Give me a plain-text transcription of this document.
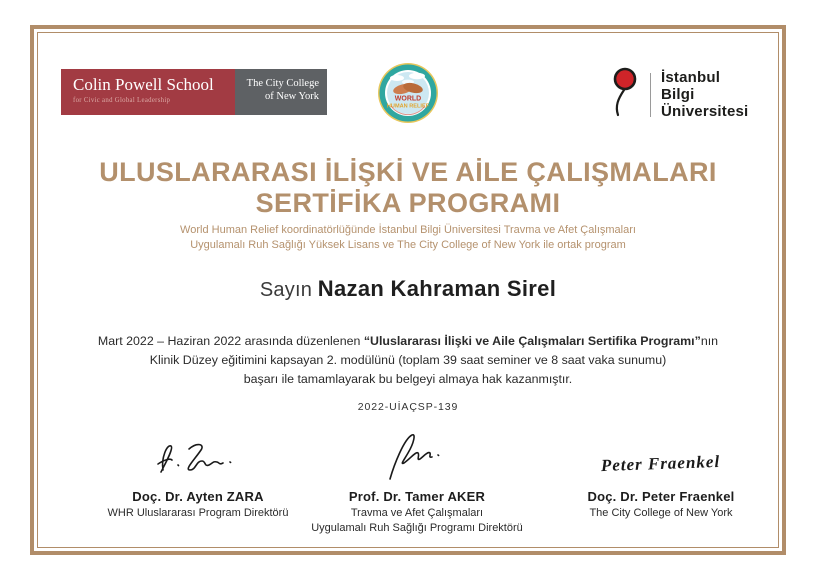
Colin Powell School
for Civic and Global Leadership
The City College
of New York	WORLD
HUMAN RELIEF
İstanbul
Bilgi Üniversitesi
ULUSLARARASI İLİŞKİ VE AİLE ÇALIŞMALARI
SERTİFİKA PROGRAMI
World Human Relief koordinatörlüğünde İstanbul Bilgi Üniversitesi Travma ve Afet Çalışmaları
Uygulamalı Ruh Sağlığı Yüksek Lisans ve The City College of New York ile ortak program
Sayın Nazan Kahraman Sirel
Mart 2022 – Haziran 2022 arasında düzenlenen “Uluslararası İlişki ve Aile Çalışmaları Sertifika Programı”nın
Klinik Düzey eğitimini kapsayan 2. modülünü (toplam 39 saat seminer ve 8 saat vaka sunumu)
başarı ile tamamlayarak bu belgeyi almaya hak kazanmıştır.
2022-UİAÇSP-139
Doç. Dr. Ayten ZARA
WHR Uluslararası Program Direktörü
Prof. Dr. Tamer AKER
Travma ve Afet Çalışmaları
Uygulamalı Ruh Sağlığı Programı Direktörü
Peter Fraenkel
Doç. Dr. Peter Fraenkel
The City College of New York
